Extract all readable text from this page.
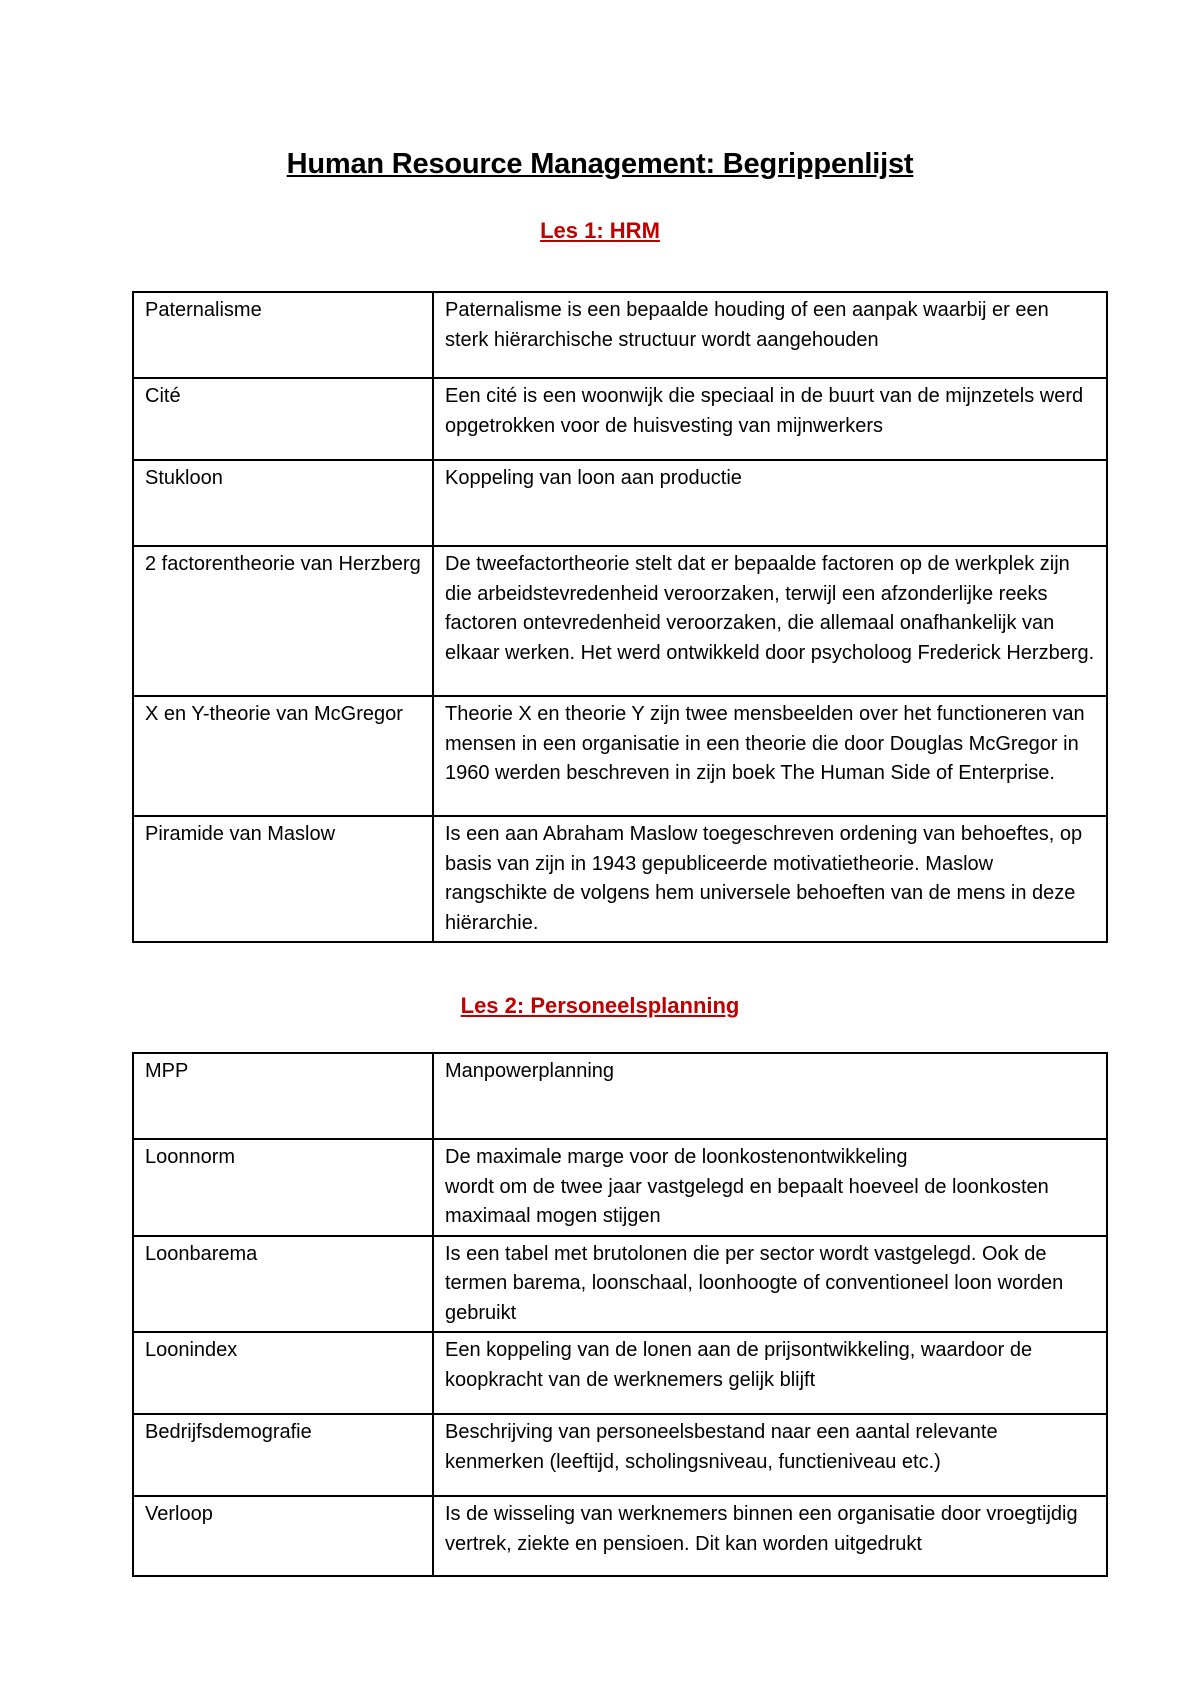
Human Resource Management: Begrippenlijst
Les 1: HRM
Paternalisme	Paternalisme is een bepaalde houding of een aanpak waarbij er een sterk hiërarchische structuur wordt aangehouden
Cité	Een cité is een woonwijk die speciaal in de buurt van de mijnzetels werd opgetrokken voor de huisvesting van mijnwerkers
Stukloon	Koppeling van loon aan productie
2 factorentheorie van Herzberg	De tweefactortheorie stelt dat er bepaalde factoren op de werkplek zijn die arbeidstevredenheid veroorzaken, terwijl een afzonderlijke reeks factoren ontevredenheid veroorzaken, die allemaal onafhankelijk van elkaar werken. Het werd ontwikkeld door psycholoog Frederick Herzberg.
X en Y-theorie van McGregor	Theorie X en theorie Y zijn twee mensbeelden over het functioneren van mensen in een organisatie in een theorie die door Douglas McGregor in 1960 werden beschreven in zijn boek The Human Side of Enterprise.
Piramide van Maslow	Is een aan Abraham Maslow toegeschreven ordening van behoeftes, op basis van zijn in 1943 gepubliceerde motivatietheorie. Maslow rangschikte de volgens hem universele behoeften van de mens in deze hiërarchie.
Les 2: Personeelsplanning
MPP	Manpowerplanning
Loonnorm	De maximale marge voor de loonkostenontwikkeling
wordt om de twee jaar vastgelegd en bepaalt hoeveel de loonkosten maximaal mogen stijgen

Loonbarema	Is een tabel met brutolonen die per sector wordt vastgelegd. Ook de termen barema, loonschaal, loonhoogte of conventioneel loon worden gebruikt
Loonindex	Een koppeling van de lonen aan de prijsontwikkeling, waardoor de koopkracht van de werknemers gelijk blijft
Bedrijfsdemografie	Beschrijving van personeelsbestand naar een aantal relevante kenmerken (leeftijd, scholingsniveau, functieniveau etc.)
Verloop	Is de wisseling van werknemers binnen een organisatie door vroegtijdig vertrek, ziekte en pensioen. Dit kan worden uitgedrukt
